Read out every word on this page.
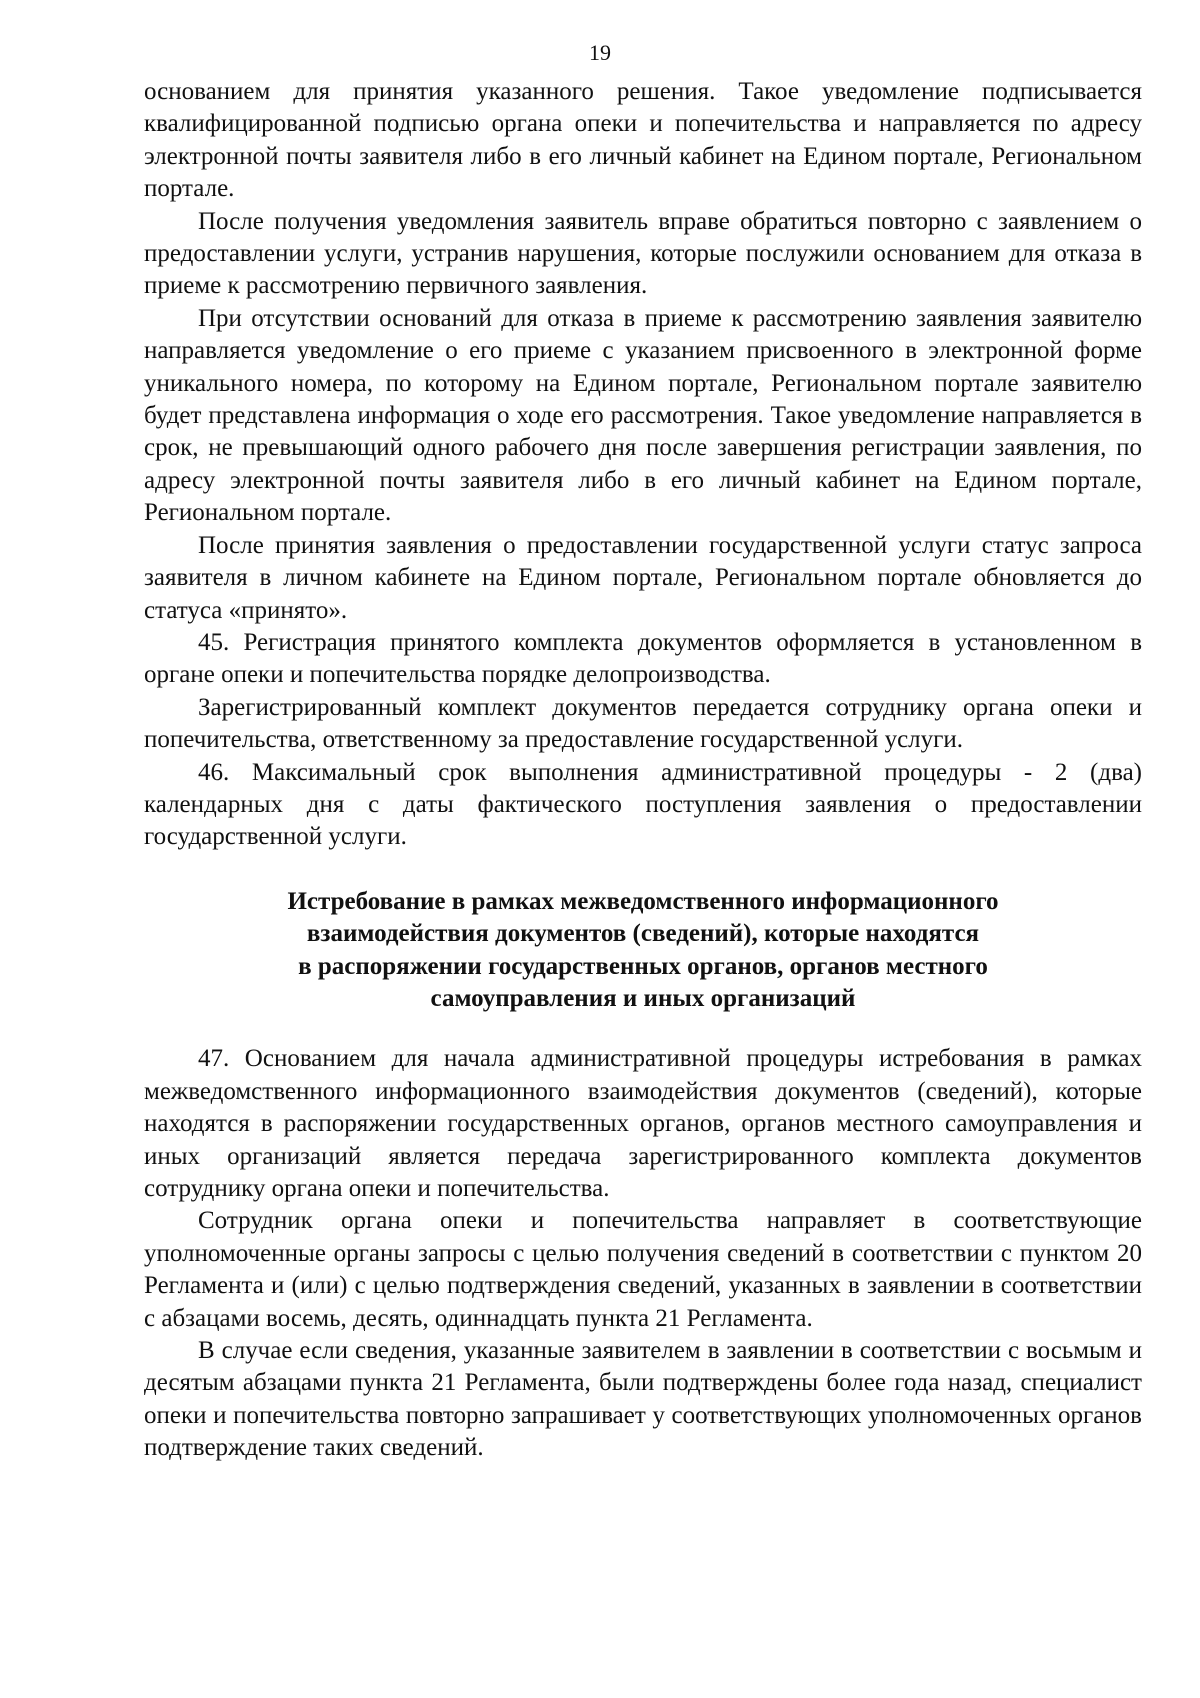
19

основанием для принятия указанного решения. Такое уведомление подписывается квалифицированной подписью органа опеки и попечительства и направляется по адресу электронной почты заявителя либо в его личный кабинет на Едином портале, Региональном портале.

После получения уведомления заявитель вправе обратиться повторно с заявлением о предоставлении услуги, устранив нарушения, которые послужили основанием для отказа в приеме к рассмотрению первичного заявления.

При отсутствии оснований для отказа в приеме к рассмотрению заявления заявителю направляется уведомление о его приеме с указанием присвоенного в электронной форме уникального номера, по которому на Едином портале, Региональном портале заявителю будет представлена информация о ходе его рассмотрения. Такое уведомление направляется в срок, не превышающий одного рабочего дня после завершения регистрации заявления, по адресу электронной почты заявителя либо в его личный кабинет на Едином портале, Региональном портале.

После принятия заявления о предоставлении государственной услуги статус запроса заявителя в личном кабинете на Едином портале, Региональном портале обновляется до статуса «принято».

45. Регистрация принятого комплекта документов оформляется в установленном в органе опеки и попечительства порядке делопроизводства.

Зарегистрированный комплект документов передается сотруднику органа опеки и попечительства, ответственному за предоставление государственной услуги.

46. Максимальный срок выполнения административной процедуры - 2 (два) календарных дня с даты фактического поступления заявления о предоставлении государственной услуги.

Истребование в рамках межведомственного информационного
взаимодействия документов (сведений), которые находятся
в распоряжении государственных органов, органов местного
самоуправления и иных организаций

47. Основанием для начала административной процедуры истребования в рамках межведомственного информационного взаимодействия документов (сведений), которые находятся в распоряжении государственных органов, органов местного самоуправления и иных организаций является передача зарегистрированного комплекта документов сотруднику органа опеки и попечительства.

Сотрудник органа опеки и попечительства направляет в соответствующие уполномоченные органы запросы с целью получения сведений в соответствии с пунктом 20 Регламента и (или) с целью подтверждения сведений, указанных в заявлении в соответствии с абзацами восемь, десять, одиннадцать пункта 21 Регламента.

В случае если сведения, указанные заявителем в заявлении в соответствии с восьмым и десятым абзацами пункта 21 Регламента, были подтверждены более года назад, специалист опеки и попечительства повторно запрашивает у соответствующих уполномоченных органов подтверждение таких сведений.
